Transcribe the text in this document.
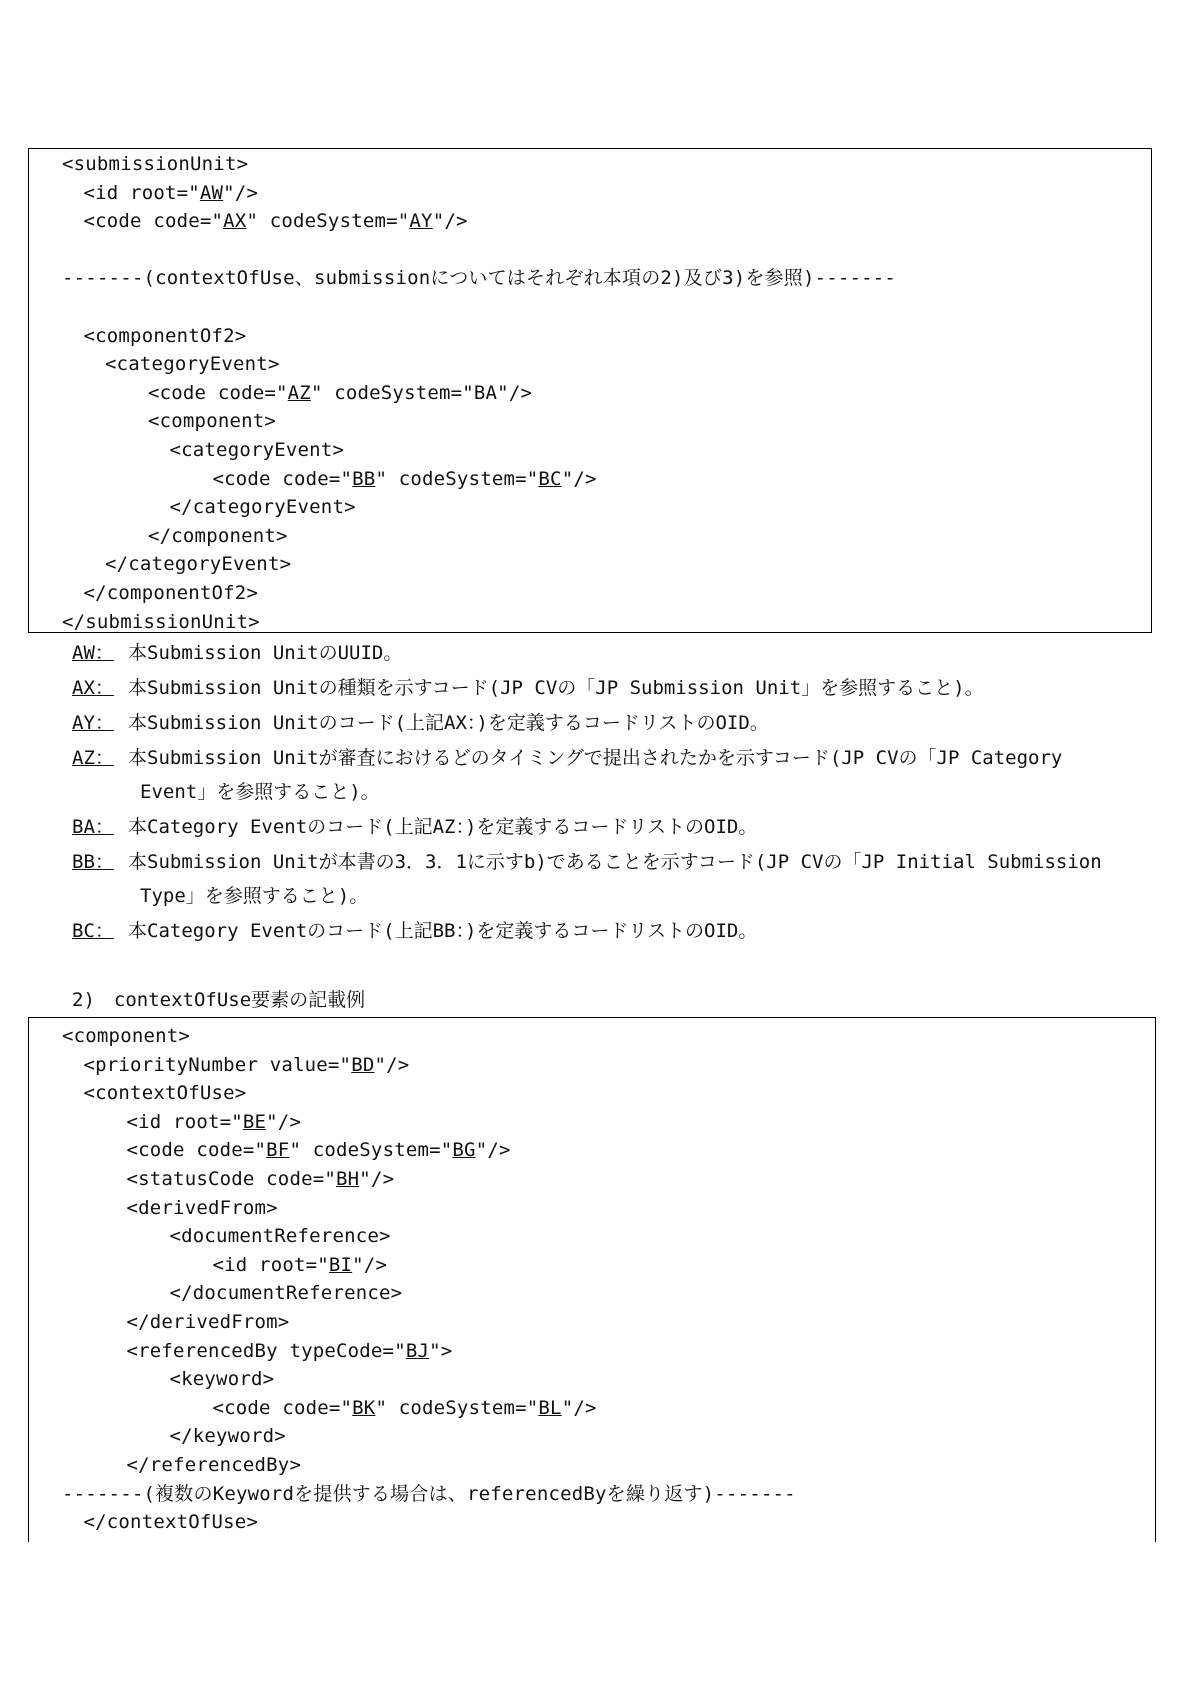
<submissionUnit>
<id root="AW"/>
<code code="AX" codeSystem="AY"/>
-------(contextOfUse、submissionについてはそれぞれ本項の2)及び3)を参照)-------
<componentOf2>
<categoryEvent>
<code code="AZ" codeSystem="BA"/>
<component>
<categoryEvent>
<code code="BB" codeSystem="BC"/>
</categoryEvent>
</component>
</categoryEvent>
</componentOf2>
</submissionUnit>
AW： 本Submission UnitのUUID。
AX： 本Submission Unitの種類を示すコード(JP CVの「JP Submission Unit」を参照すること)。
AY： 本Submission Unitのコード(上記AX：)を定義するコードリストのOID。
AZ： 本Submission Unitが審査におけるどのタイミングで提出されたかを示すコード(JP CVの「JP Category
Event」を参照すること)。
BA： 本Category Eventのコード(上記AZ：)を定義するコードリストのOID。
BB： 本Submission Unitが本書の3．3．1に示すb)であることを示すコード(JP CVの「JP Initial Submission
Type」を参照すること)。
BC： 本Category Eventのコード(上記BB：)を定義するコードリストのOID。
2)　contextOfUse要素の記載例
<component>
<priorityNumber value="BD"/>
<contextOfUse>
<id root="BE"/>
<code code="BF" codeSystem="BG"/>
<statusCode code="BH"/>
<derivedFrom>
<documentReference>
<id root="BI"/>
</documentReference>
</derivedFrom>
<referencedBy typeCode="BJ">
<keyword>
<code code="BK" codeSystem="BL"/>
</keyword>
</referencedBy>
-------(複数のKeywordを提供する場合は、referencedByを繰り返す)-------
</contextOfUse>
